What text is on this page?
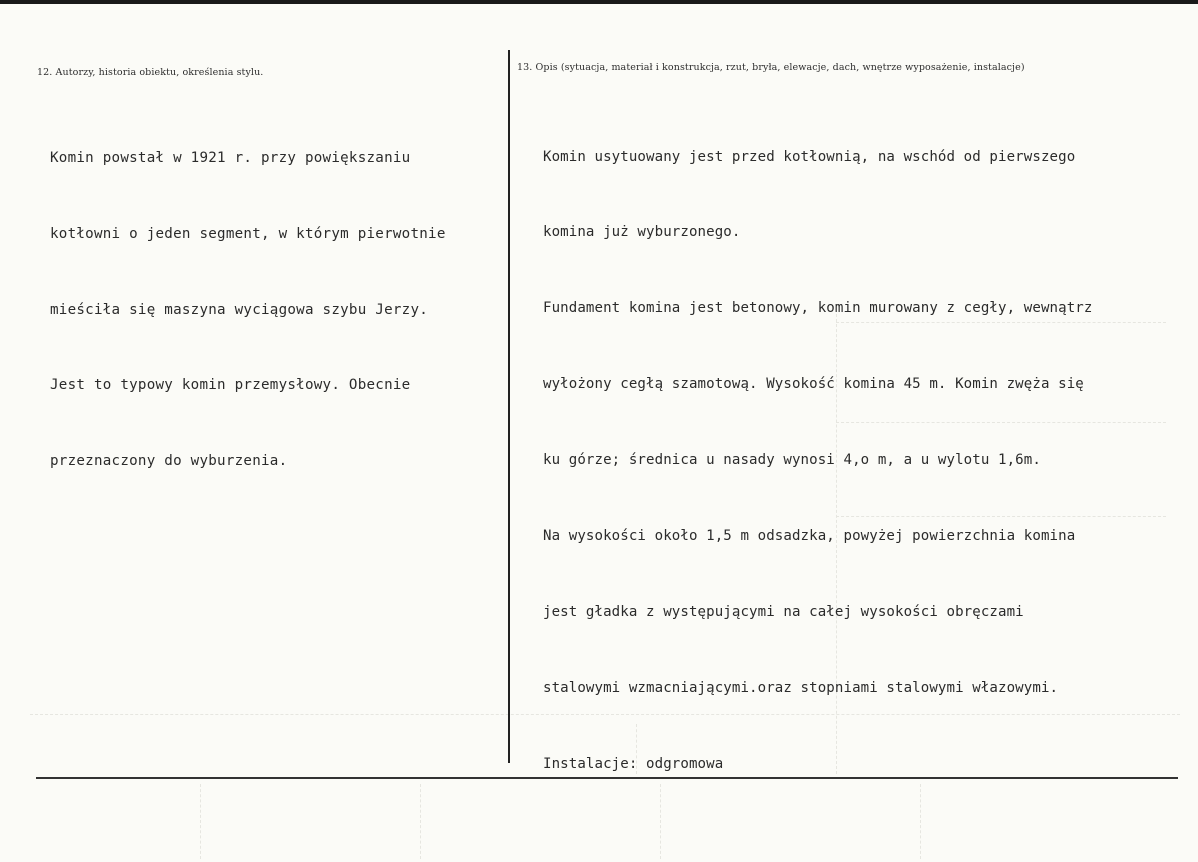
12. Autorzy, historia obiektu, określenia stylu.

Komin powstał w 1921 r. przy powiększaniu

kotłowni o jeden segment, w którym pierwotnie

mieściła się maszyna wyciągowa szybu Jerzy.

Jest to typowy komin przemysłowy. Obecnie

przeznaczony do wyburzenia.

13. Opis (sytuacja, materiał i konstrukcja, rzut, bryła, elewacje, dach, wnętrze wyposażenie, instalacje)

Komin usytuowany jest przed kotłownią, na wschód od pierwszego

komina już wyburzonego.

Fundament komina jest betonowy, komin murowany z cegły, wewnątrz

wyłożony cegłą szamotową. Wysokość komina 45 m. Komin zwęża się

ku górze; średnica u nasady wynosi 4,o m, a u wylotu 1,6m.

Na wysokości około 1,5 m odsadzka, powyżej powierzchnia komina

jest gładka z występującymi na całej wysokości obręczami

stalowymi wzmacniającymi.oraz stopniami stalowymi włazowymi.

Instalacje: odgromowa
